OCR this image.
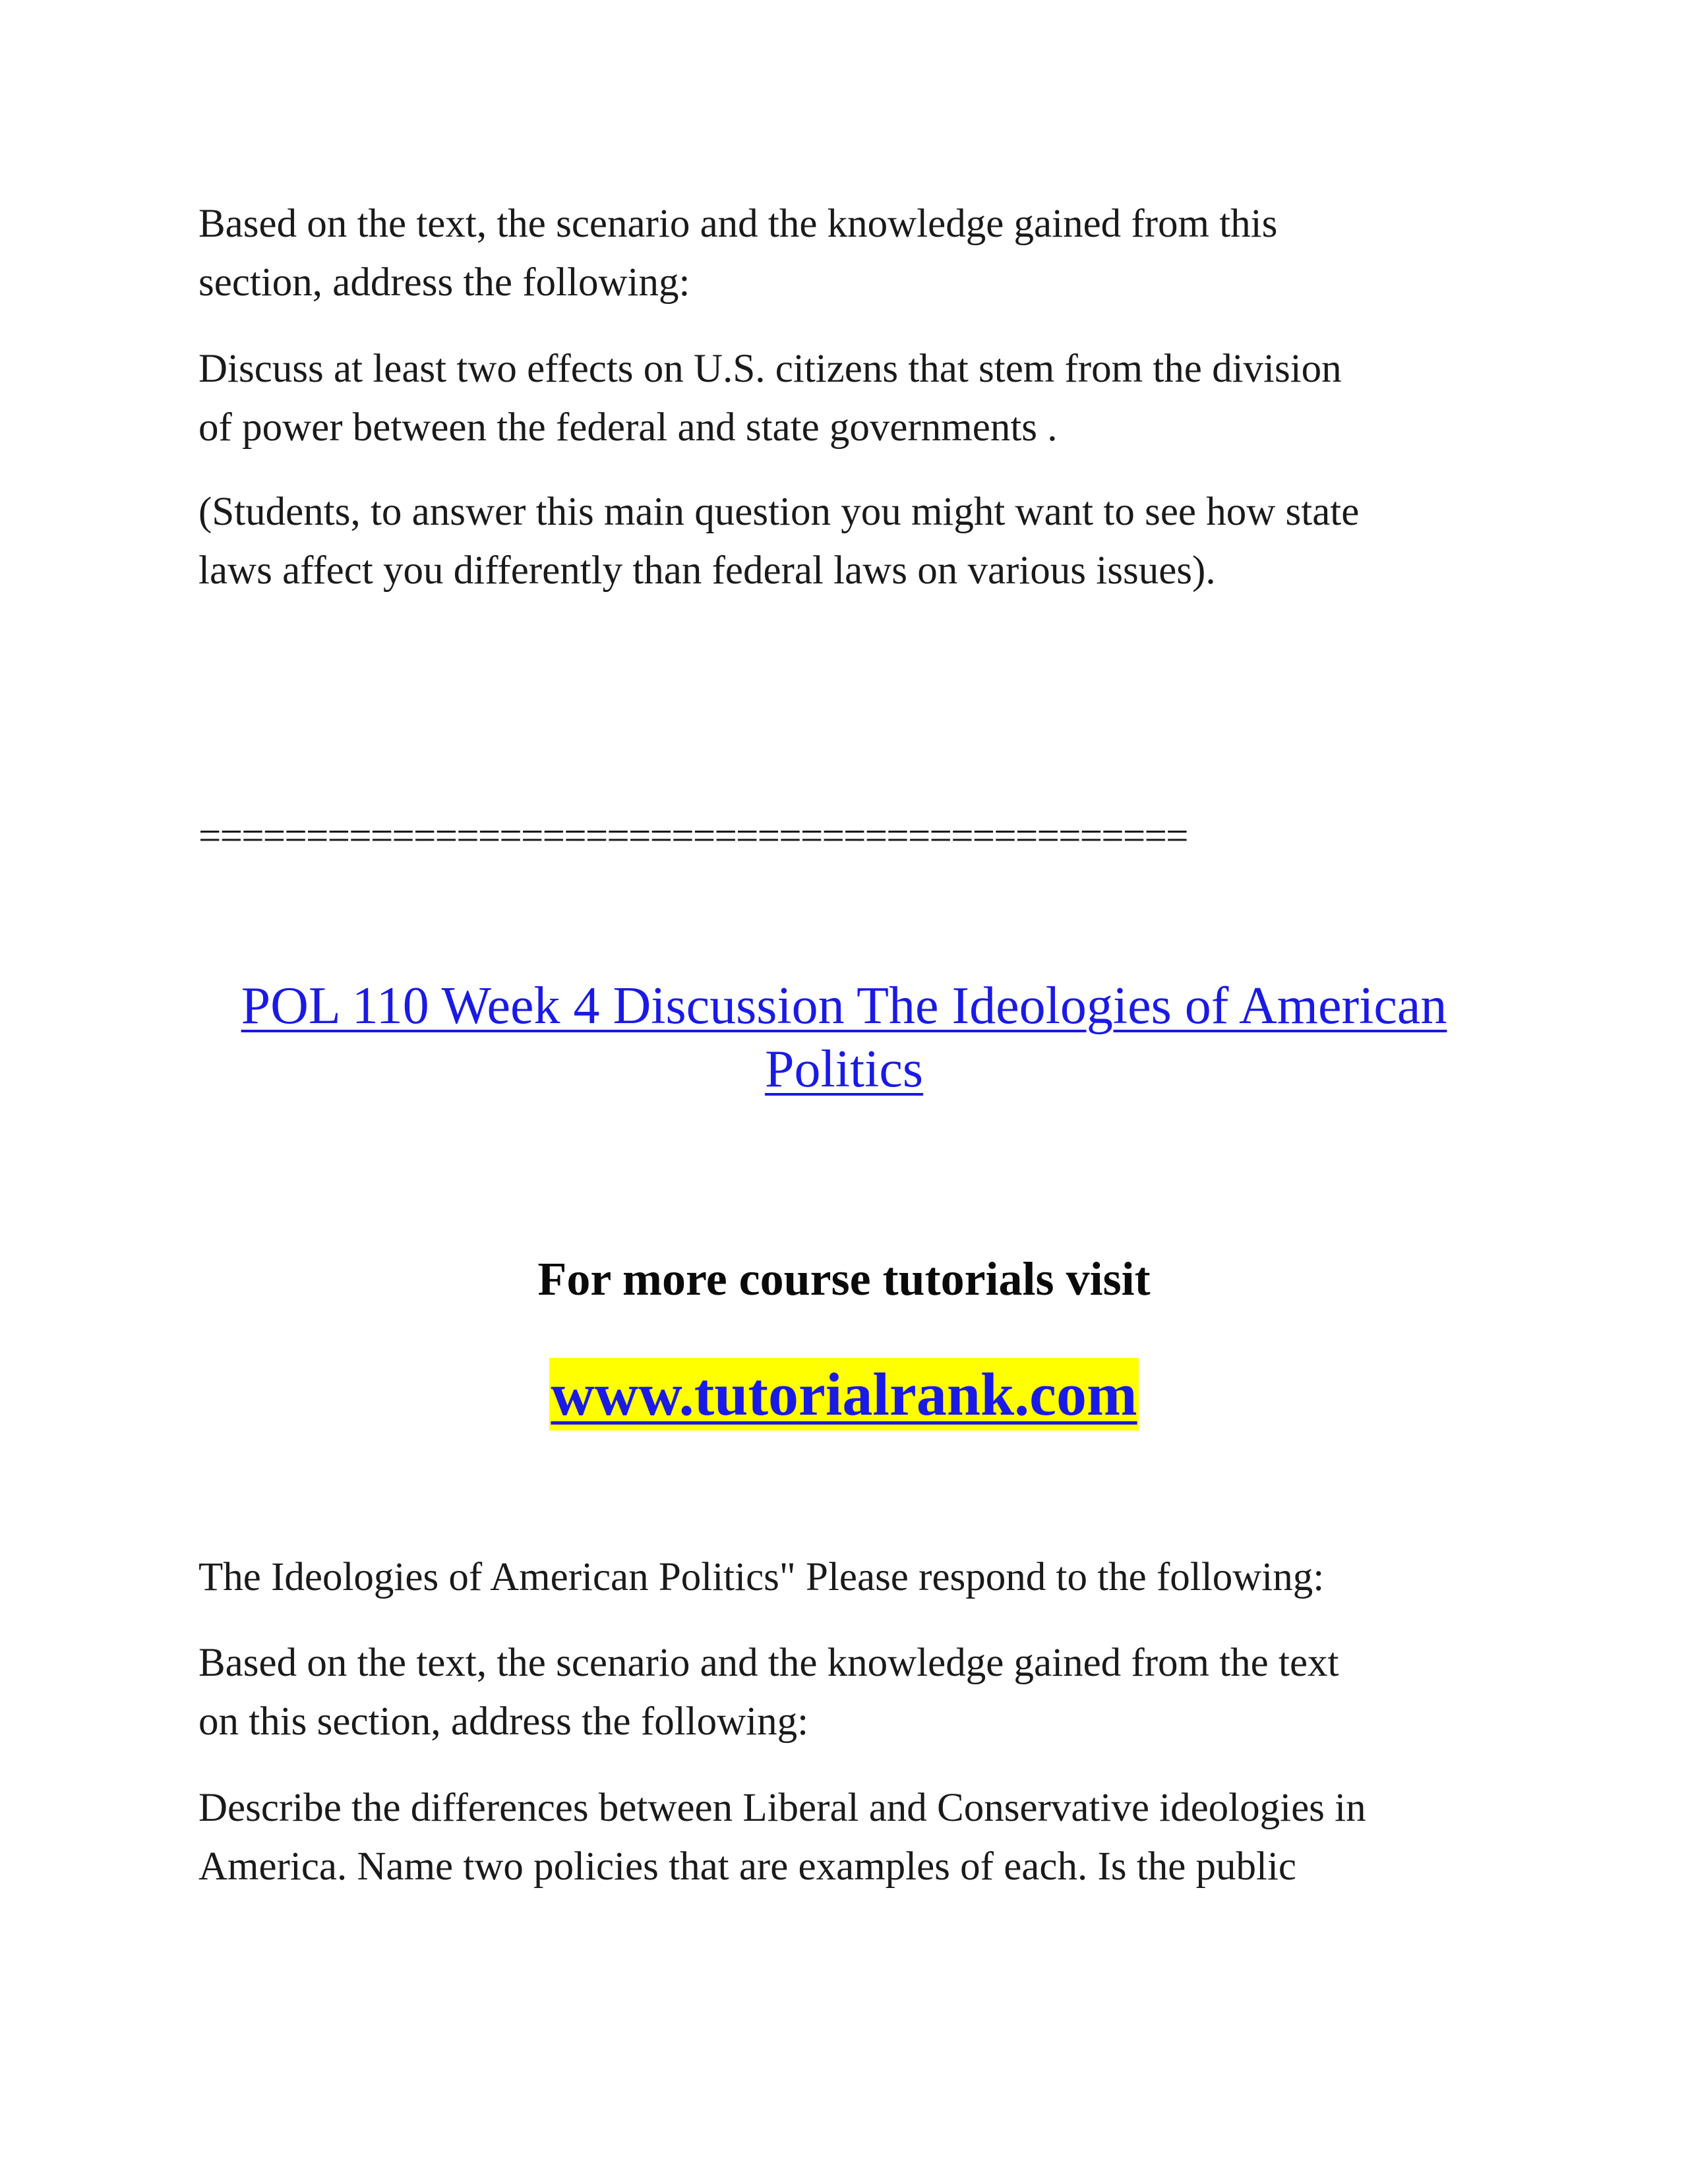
Based on the text, the scenario and the knowledge gained from this
section, address the following:

Discuss at least two effects on U.S. citizens that stem from the division
of power between the federal and state governments .

(Students, to answer this main question you might want to see how state
laws affect you differently than federal laws on various issues).

==============================================
POL 110 Week 4 Discussion The Ideologies of American
Politics
For more course tutorials visit
www.tutorialrank.com

The Ideologies of American Politics" Please respond to the following:

Based on the text, the scenario and the knowledge gained from the text
on this section, address the following:

Describe the differences between Liberal and Conservative ideologies in
America. Name two policies that are examples of each. Is the public
